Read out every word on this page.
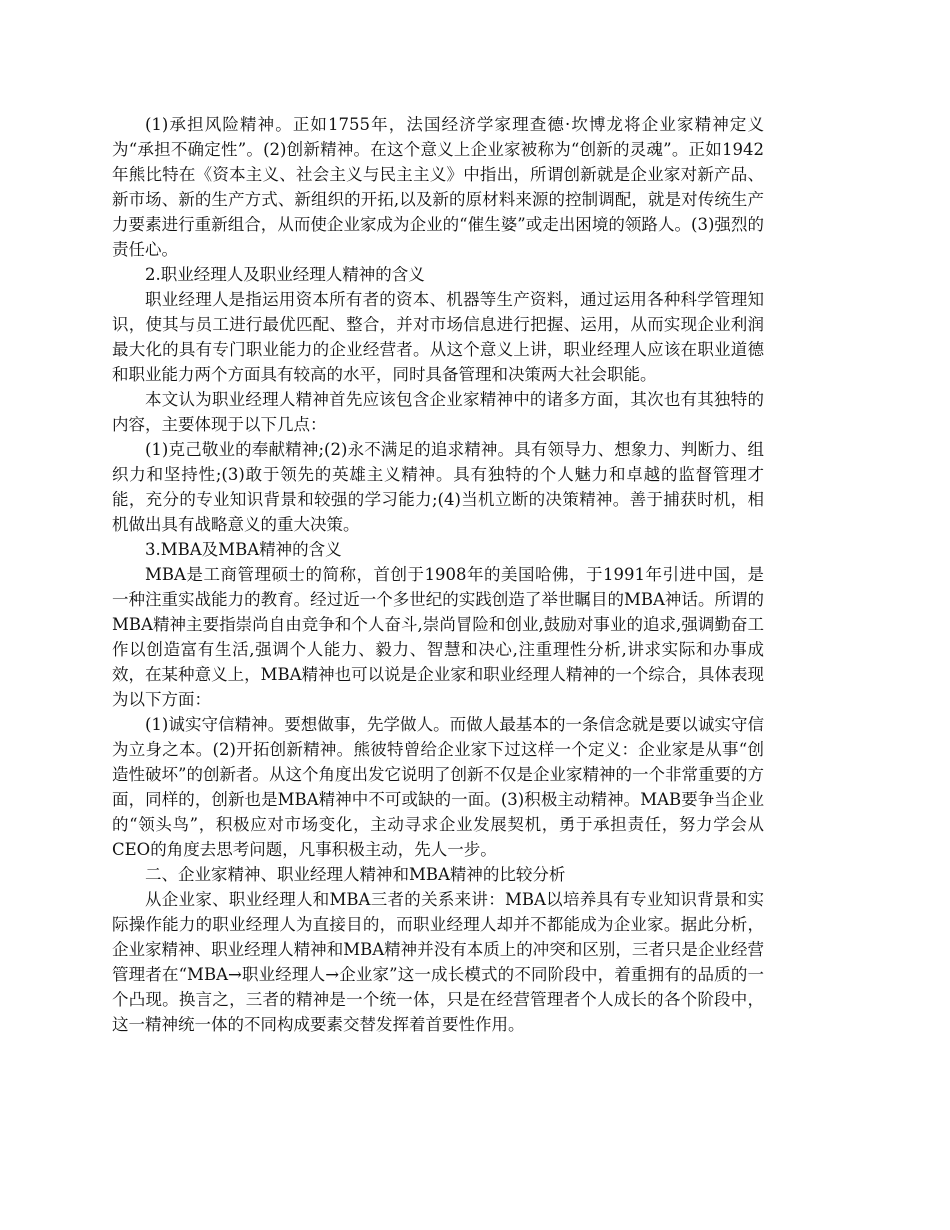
(1)承担风险精神。正如1755年，法国经济学家理查德·坎博龙将企业家精神定义为“承担不确定性”。(2)创新精神。在这个意义上企业家被称为“创新的灵魂”。正如1942年熊比特在《资本主义、社会主义与民主主义》中指出，所谓创新就是企业家对新产品、新市场、新的生产方式、新组织的开拓,以及新的原材料来源的控制调配，就是对传统生产力要素进行重新组合，从而使企业家成为企业的“催生婆”或走出困境的领路人。(3)强烈的责任心。

2.职业经理人及职业经理人精神的含义

职业经理人是指运用资本所有者的资本、机器等生产资料，通过运用各种科学管理知识，使其与员工进行最优匹配、整合，并对市场信息进行把握、运用，从而实现企业利润最大化的具有专门职业能力的企业经营者。从这个意义上讲，职业经理人应该在职业道德和职业能力两个方面具有较高的水平，同时具备管理和决策两大社会职能。

本文认为职业经理人精神首先应该包含企业家精神中的诸多方面，其次也有其独特的内容，主要体现于以下几点：

(1)克己敬业的奉献精神;(2)永不满足的追求精神。具有领导力、想象力、判断力、组织力和坚持性;(3)敢于领先的英雄主义精神。具有独特的个人魅力和卓越的监督管理才能，充分的专业知识背景和较强的学习能力;(4)当机立断的决策精神。善于捕获时机，相机做出具有战略意义的重大决策。

3.MBA及MBA精神的含义

MBA是工商管理硕士的简称，首创于1908年的美国哈佛，于1991年引进中国，是一种注重实战能力的教育。经过近一个多世纪的实践创造了举世瞩目的MBA神话。所谓的MBA精神主要指崇尚自由竞争和个人奋斗,崇尚冒险和创业,鼓励对事业的追求,强调勤奋工作以创造富有生活,强调个人能力、毅力、智慧和决心,注重理性分析,讲求实际和办事成效，在某种意义上，MBA精神也可以说是企业家和职业经理人精神的一个综合，具体表现为以下方面：

(1)诚实守信精神。要想做事，先学做人。而做人最基本的一条信念就是要以诚实守信为立身之本。(2)开拓创新精神。熊彼特曾给企业家下过这样一个定义：企业家是从事“创造性破坏”的创新者。从这个角度出发它说明了创新不仅是企业家精神的一个非常重要的方面，同样的，创新也是MBA精神中不可或缺的一面。(3)积极主动精神。MAB要争当企业的“领头鸟”，积极应对市场变化，主动寻求企业发展契机，勇于承担责任，努力学会从CEO的角度去思考问题，凡事积极主动，先人一步。

二、企业家精神、职业经理人精神和MBA精神的比较分析

从企业家、职业经理人和MBA三者的关系来讲：MBA以培养具有专业知识背景和实际操作能力的职业经理人为直接目的，而职业经理人却并不都能成为企业家。据此分析，企业家精神、职业经理人精神和MBA精神并没有本质上的冲突和区别，三者只是企业经营管理者在“MBA→职业经理人→企业家”这一成长模式的不同阶段中，着重拥有的品质的一个凸现。换言之，三者的精神是一个统一体，只是在经营管理者个人成长的各个阶段中，这一精神统一体的不同构成要素交替发挥着首要性作用。
